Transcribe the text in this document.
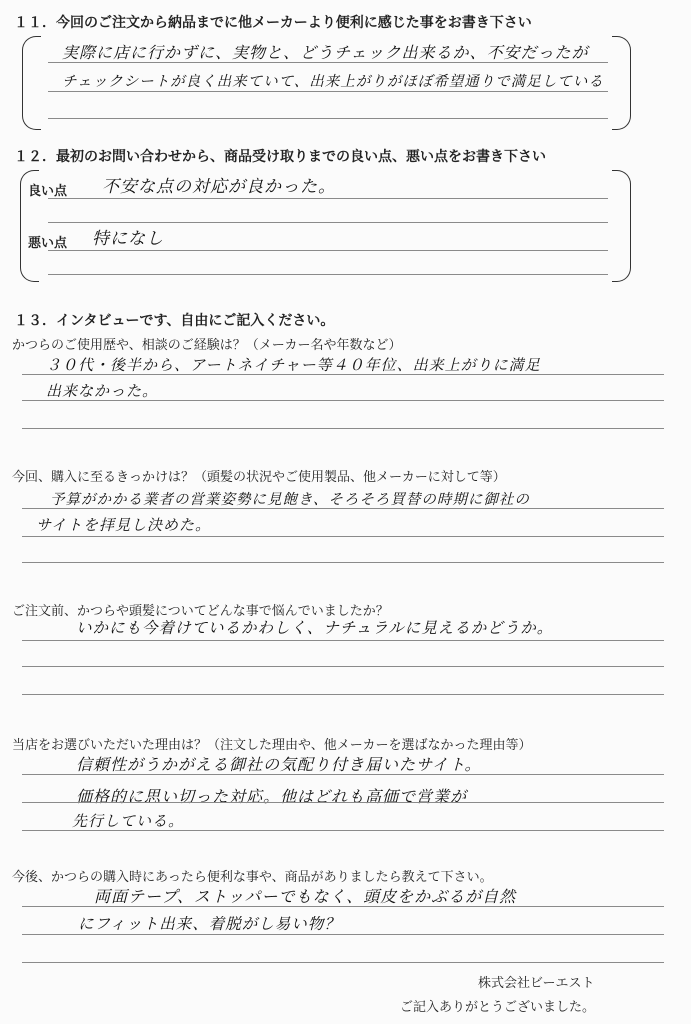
１１．今回のご注文から納品までに他メーカーより便利に感じた事をお書き下さい
実際に店に行かずに、実物と、どうチェック出来るか、不安だったが
チェックシートが良く出来ていて、出来上がりがほぼ希望通りで満足している
１２．最初のお問い合わせから、商品受け取りまでの良い点、悪い点をお書き下さい
良い点 不安な点の対応が良かった。
悪い点 特になし
１３．インタビューです、自由にご記入ください。
かつらのご使用歴や、相談のご経験は？（メーカー名や年数など）
３０代・後半から、アートネイチャー等４０年位、出来上がりに満足
出来なかった。
今回、購入に至るきっかけは？（頭髪の状況やご使用製品、他メーカーに対して等）
予算がかかる業者の営業姿勢に見飽き、そろそろ買替の時期に御社の
サイトを拝見し決めた。
ご注文前、かつらや頭髪についてどんな事で悩んでいましたか？
いかにも今着けているかわしく、ナチュラルに見えるかどうか。
当店をお選びいただいた理由は？（注文した理由や、他メーカーを選ばなかった理由等）
信頼性がうかがえる御社の気配り付き届いたサイト。
価格的に思い切った対応。他はどれも高価で営業が
先行している。
今後、かつらの購入時にあったら便利な事や、商品がありましたら教えて下さい。
両面テープ、ストッパーでもなく、頭皮をかぶるが自然
にフィット出来、着脱がし易い物？
株式会社ビーエスト
ご記入ありがとうございました。
